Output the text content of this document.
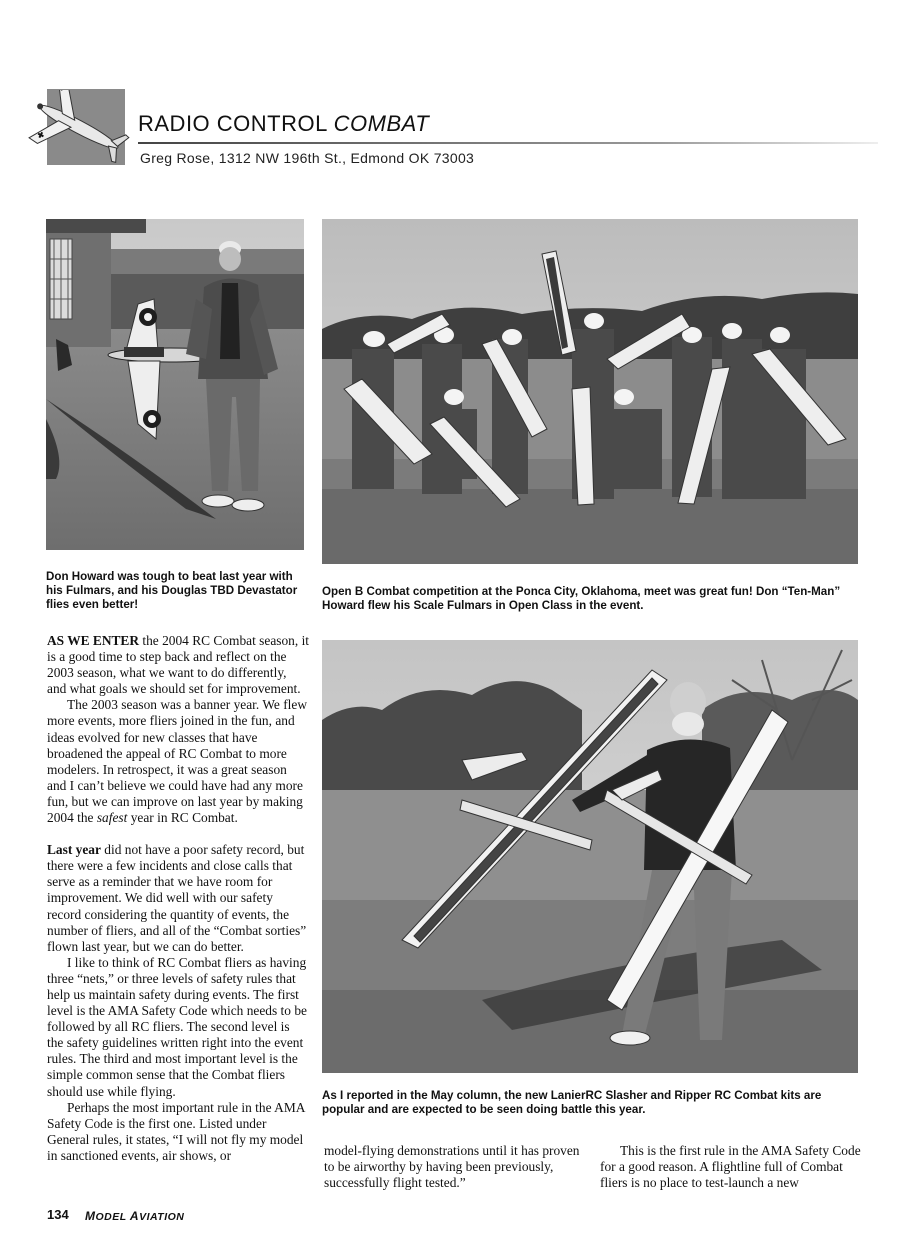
RADIO CONTROL COMBAT
Greg Rose, 1312 NW 196th St., Edmond OK 73003
Don Howard was tough to beat last year with his Fulmars, and his Douglas TBD Devastator flies even better!
Open B Combat competition at the Ponca City, Oklahoma, meet was great fun! Don “Ten-Man” Howard flew his Scale Fulmars in Open Class in the event.
As I reported in the May column, the new LanierRC Slasher and Ripper RC Combat kits are popular and are expected to be seen doing battle this year.

AS WE ENTER the 2004 RC Combat season, it is a good time to step back and reflect on the 2003 season, what we want to do differently, and what goals we should set for improvement.

The 2003 season was a banner year. We flew more events, more fliers joined in the fun, and ideas evolved for new classes that have broadened the appeal of RC Combat to more modelers. In retrospect, it was a great season and I can’t believe we could have had any more fun, but we can improve on last year by making 2004 the safest year in RC Combat.

Last year did not have a poor safety record, but there were a few incidents and close calls that serve as a reminder that we have room for improvement. We did well with our safety record considering the quantity of events, the number of fliers, and all of the “Combat sorties” flown last year, but we can do better.

I like to think of RC Combat fliers as having three “nets,” or three levels of safety rules that help us maintain safety during events. The first level is the AMA Safety Code which needs to be followed by all RC fliers. The second level is the safety guidelines written right into the event rules. The third and most important level is the simple common sense that the Combat fliers should use while flying.

Perhaps the most important rule in the AMA Safety Code is the first one. Listed under General rules, it states, “I will not fly my model in sanctioned events, air shows, or	model-flying demonstrations until it has proven to be airworthy by having been previously, successfully flight tested.”

This is the first rule in the AMA Safety Code for a good reason. A flightline full of Combat fliers is no place to test-launch a new

134 MODEL AVIATION
